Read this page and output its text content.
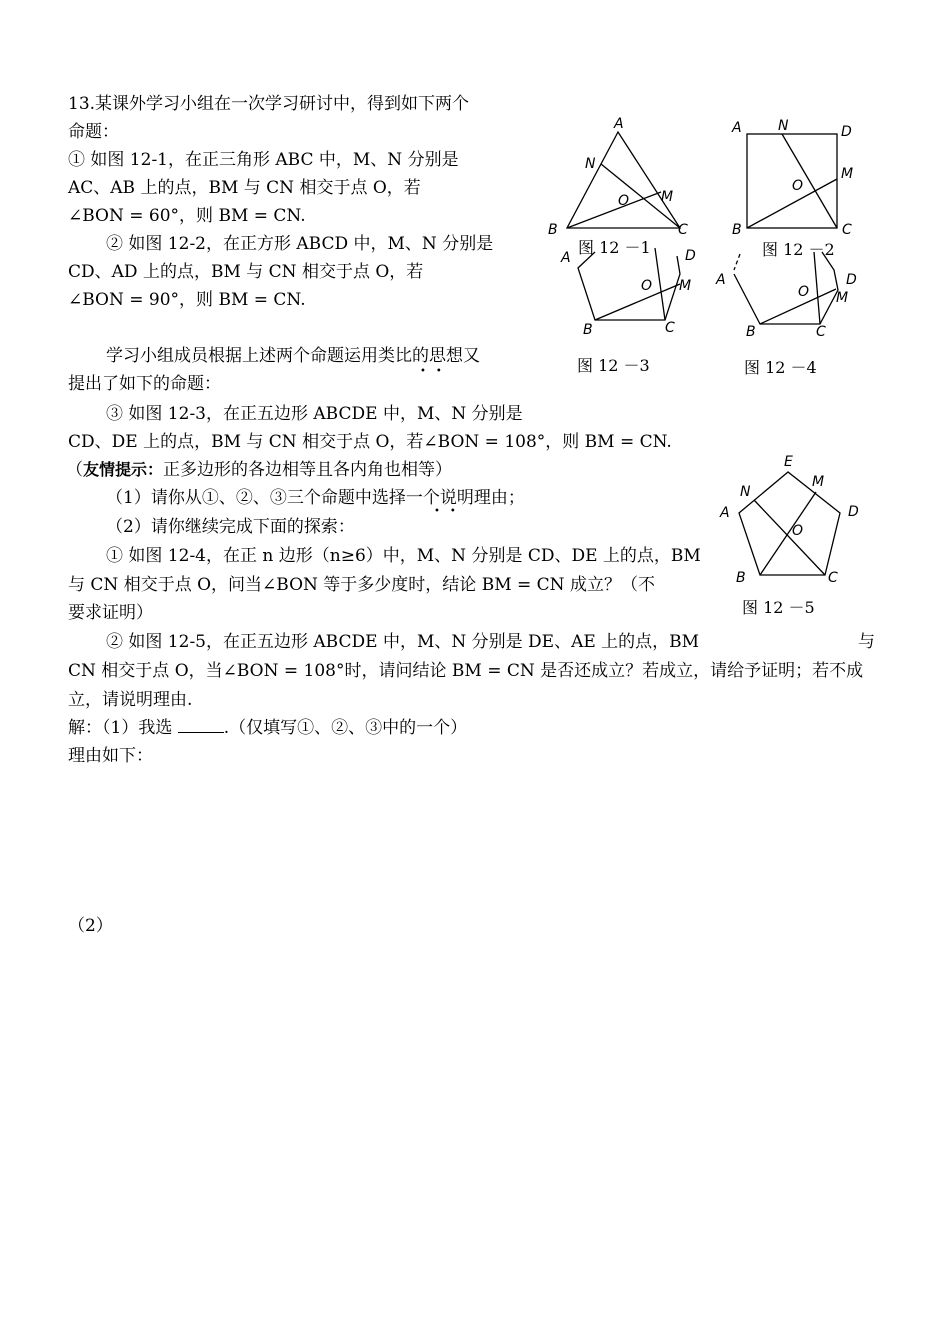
13.某课外学习小组在一次学习研讨中，得到如下两个
命题：
① 如图 12-1，在正三角形 ABC 中，M、N 分别是
AC、AB 上的点，BM 与 CN 相交于点 O，若
∠BON = 60°，则 BM = CN.
② 如图 12-2，在正方形 ABCD 中，M、N 分别是
CD、AD 上的点，BM 与 CN 相交于点 O，若
∠BON = 90°，则 BM = CN.
学习小组成员根据上述两个命题运用类比的思想又
••
提出了如下的命题：
③ 如图 12-3，在正五边形 ABCDE 中，M、N 分别是
CD、DE 上的点，BM 与 CN 相交于点 O，若∠BON = 108°，则 BM = CN.
（友情提示：正多边形的各边相等且各内角也相等）
（1）请你从①、②、③三个命题中选择一个说明理由；
••
（2）请你继续完成下面的探索：
① 如图 12-4，在正 n 边形（n≥6）中，M、N 分别是 CD、DE 上的点，BM
与 CN 相交于点 O，问当∠BON 等于多少度时，结论 BM = CN 成立？（不
要求证明）
② 如图 12-5，在正五边形 ABCDE 中，M、N 分别是 DE、AE 上的点，BM	与
CN 相交于点 O，当∠BON = 108°时，请问结论 BM = CN 是否还成立？若成立，请给予证明；若不成
立，请说明理由.
解：（1）我选	.（仅填写①、②、③中的一个）
理由如下：
（2）
A
N
O M
B	C
图 12 －1
A	N	D
M
O
B	C
图 12 －2
A	D
O M
B	C
图 12 －3
A	D
O M
B	C
图 12 －4
E
N
M
A	D
O
B	C
图 12 －5
